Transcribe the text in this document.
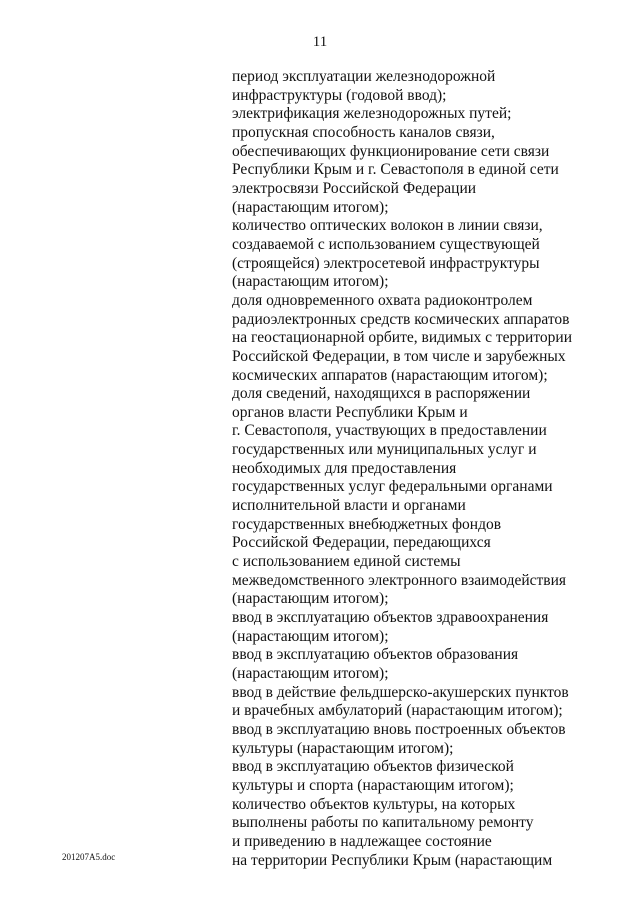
11
период эксплуатации железнодорожной
инфраструктуры (годовой ввод);
электрификация железнодорожных путей;
пропускная способность каналов связи,
обеспечивающих функционирование сети связи
Республики Крым и г. Севастополя в единой сети
электросвязи Российской Федерации
(нарастающим итогом);
количество оптических волокон в линии связи,
создаваемой с использованием существующей
(строящейся) электросетевой инфраструктуры
(нарастающим итогом);
доля одновременного охвата радиоконтролем
радиоэлектронных средств космических аппаратов
на геостационарной орбите, видимых с территории
Российской Федерации, в том числе и зарубежных
космических аппаратов (нарастающим итогом);
доля сведений, находящихся в распоряжении
органов власти Республики Крым и
г. Севастополя, участвующих в предоставлении
государственных или муниципальных услуг и
необходимых для предоставления
государственных услуг федеральными органами
исполнительной власти и органами
государственных внебюджетных фондов
Российской Федерации, передающихся
с использованием единой системы
межведомственного электронного взаимодействия
(нарастающим итогом);
ввод в эксплуатацию объектов здравоохранения
(нарастающим итогом);
ввод в эксплуатацию объектов образования
(нарастающим итогом);
ввод в действие фельдшерско-акушерских пунктов
и врачебных амбулаторий (нарастающим итогом);
ввод в эксплуатацию вновь построенных объектов
культуры (нарастающим итогом);
ввод в эксплуатацию объектов физической
культуры и спорта (нарастающим итогом);
количество объектов культуры, на которых
выполнены работы по капитальному ремонту
и приведению в надлежащее состояние
на территории Республики Крым (нарастающим
201207A5.doc
